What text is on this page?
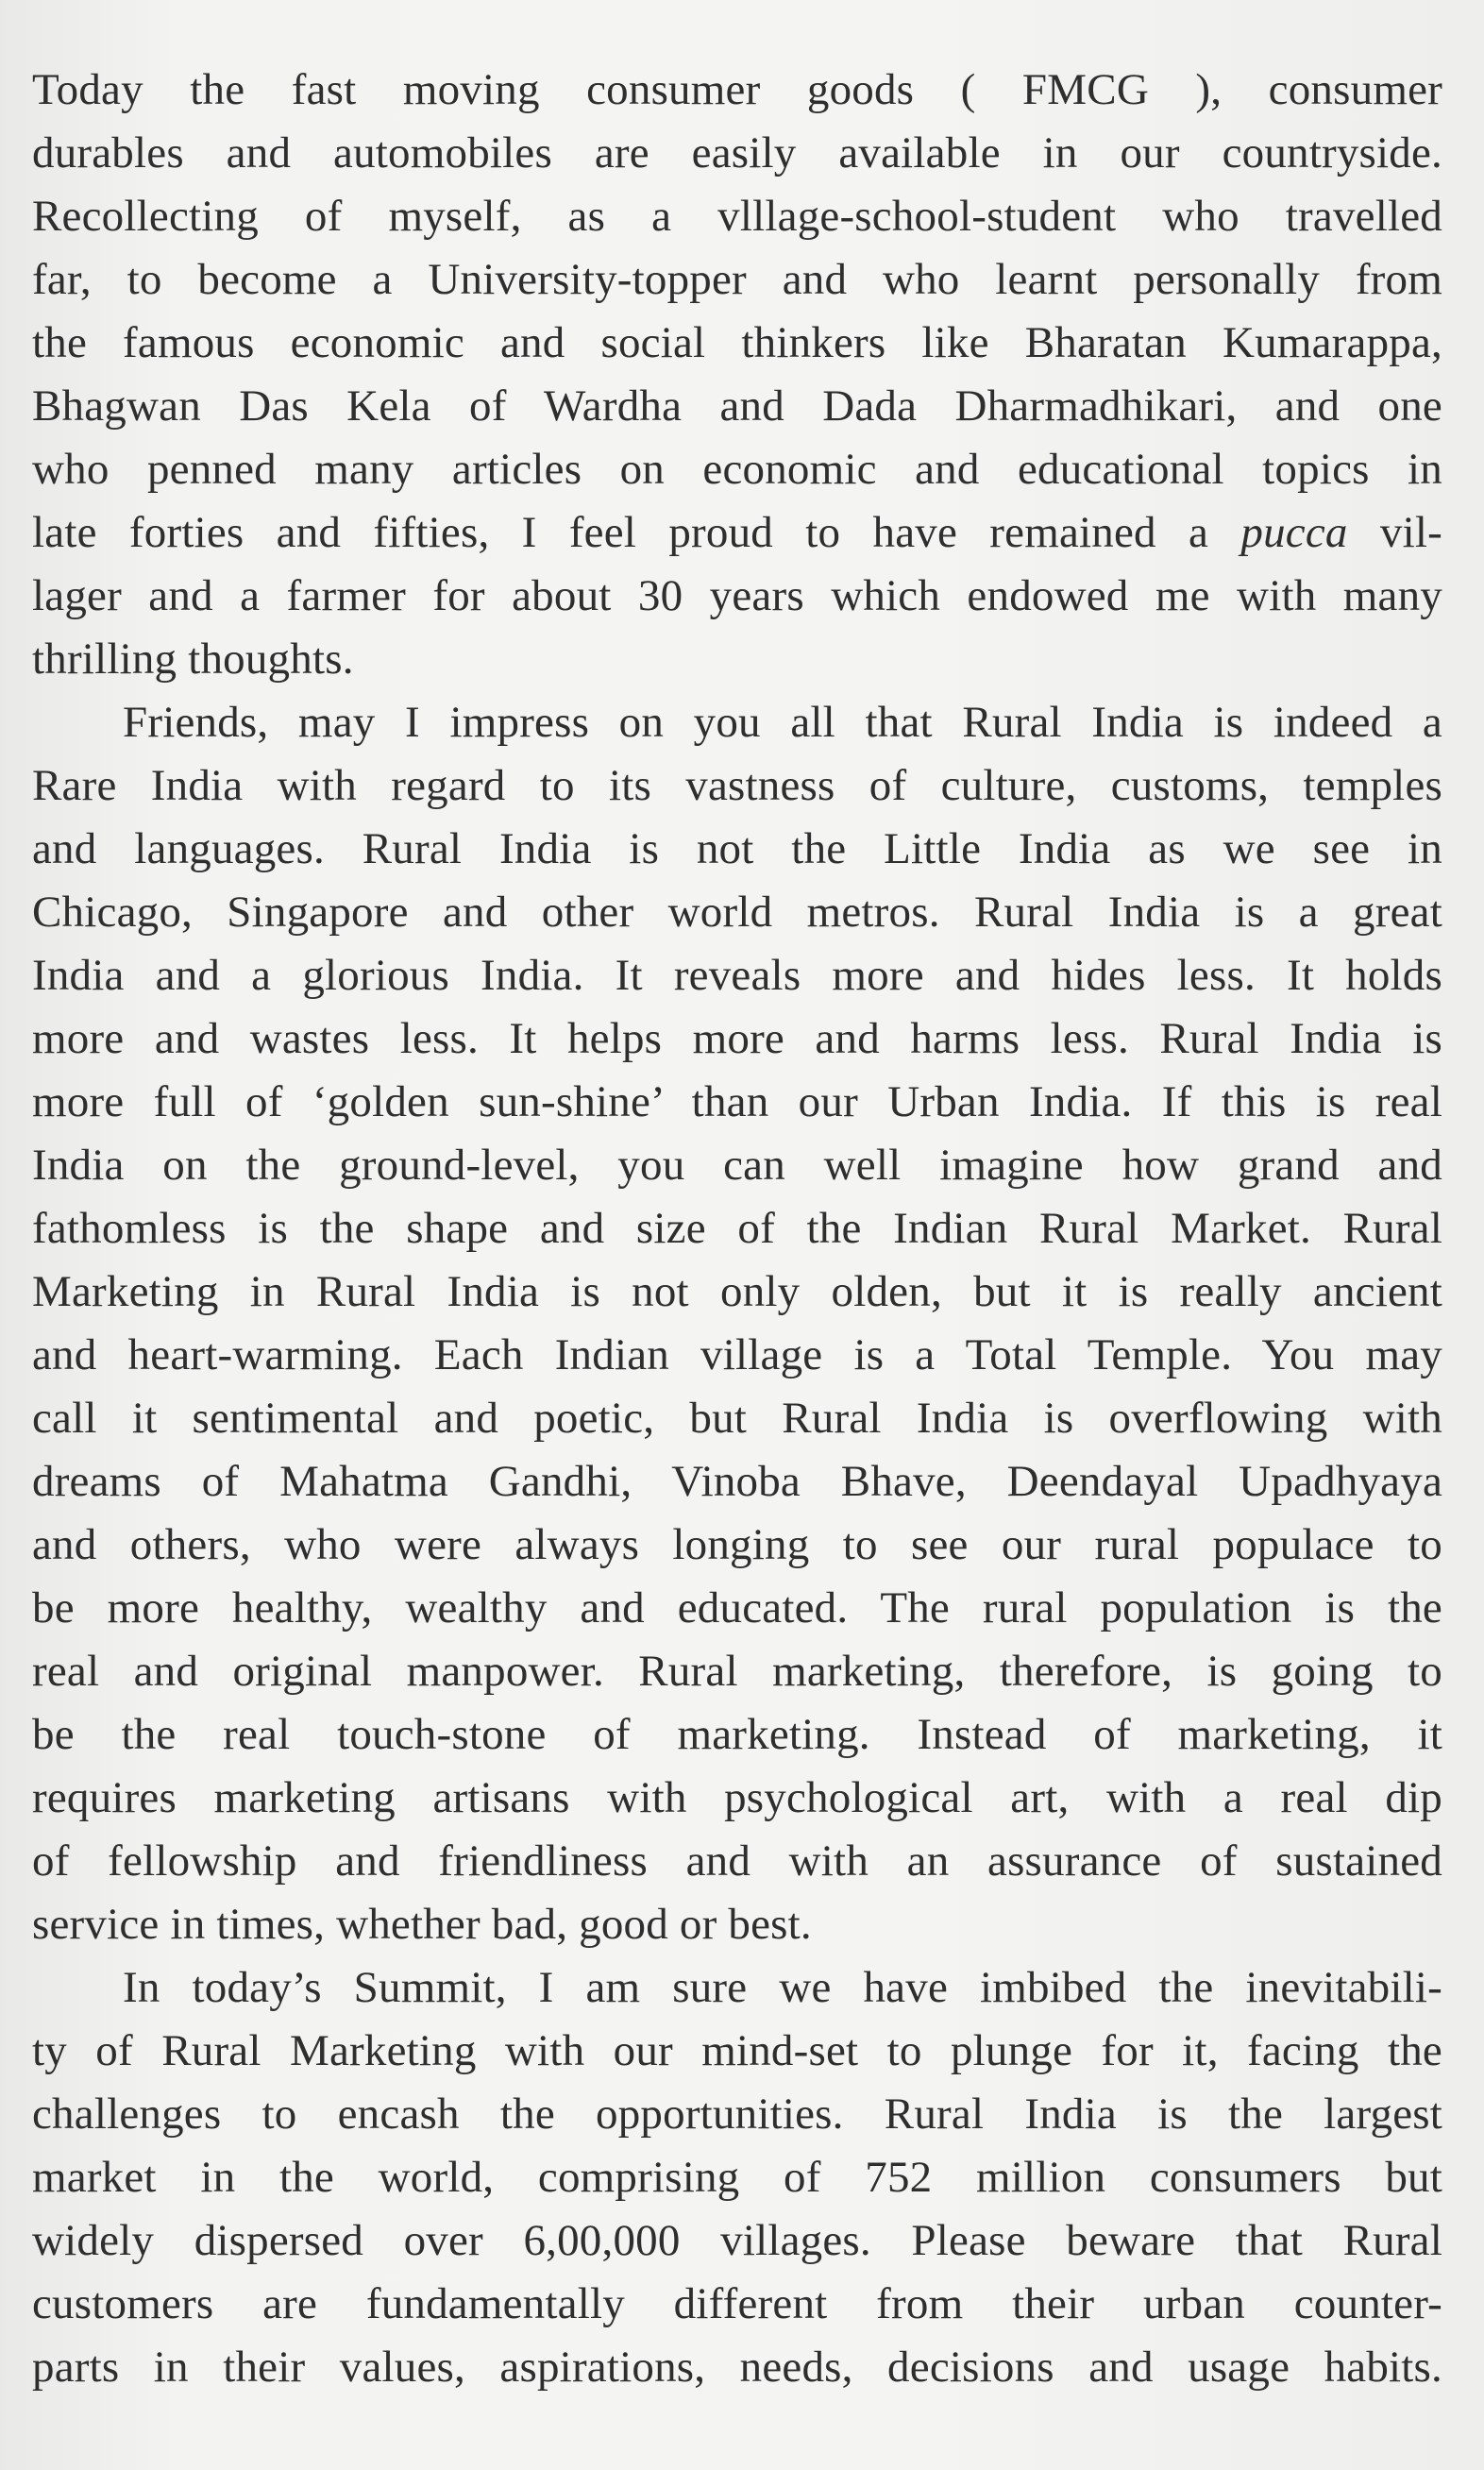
Today the fast moving consumer goods ( FMCG ), consumer
durables and automobiles are easily available in our countryside.
Recollecting of myself, as a vlllage-school-student who travelled
far, to become a University-topper and who learnt personally from
the famous economic and social thinkers like Bharatan Kumarappa,
Bhagwan Das Kela of Wardha and Dada Dharmadhikari, and one
who penned many articles on economic and educational topics in
late forties and fifties, I feel proud to have remained a pucca vil-
lager and a farmer for about 30 years which endowed me with many
thrilling thoughts.
Friends, may I impress on you all that Rural India is indeed a
Rare India with regard to its vastness of culture, customs, temples
and languages. Rural India is not the Little India as we see in
Chicago, Singapore and other world metros. Rural India is a great
India and a glorious India. It reveals more and hides less. It holds
more and wastes less. It helps more and harms less. Rural India is
more full of ‘golden sun-shine’ than our Urban India. If this is real
India on the ground-level, you can well imagine how grand and
fathomless is the shape and size of the Indian Rural Market. Rural
Marketing in Rural India is not only olden, but it is really ancient
and heart-warming. Each Indian village is a Total Temple. You may
call it sentimental and poetic, but Rural India is overflowing with
dreams of Mahatma Gandhi, Vinoba Bhave, Deendayal Upadhyaya
and others, who were always longing to see our rural populace to
be more healthy, wealthy and educated. The rural population is the
real and original manpower. Rural marketing, therefore, is going to
be the real touch-stone of marketing. Instead of marketing, it
requires marketing artisans with psychological art, with a real dip
of fellowship and friendliness and with an assurance of sustained
service in times, whether bad, good or best.
In today’s Summit, I am sure we have imbibed the inevitabili-
ty of Rural Marketing with our mind-set to plunge for it, facing the
challenges to encash the opportunities. Rural India is the largest
market in the world, comprising of 752 million consumers but
widely dispersed over 6,00,000 villages. Please beware that Rural
customers are fundamentally different from their urban counter-
parts in their values, aspirations, needs, decisions and usage habits.
